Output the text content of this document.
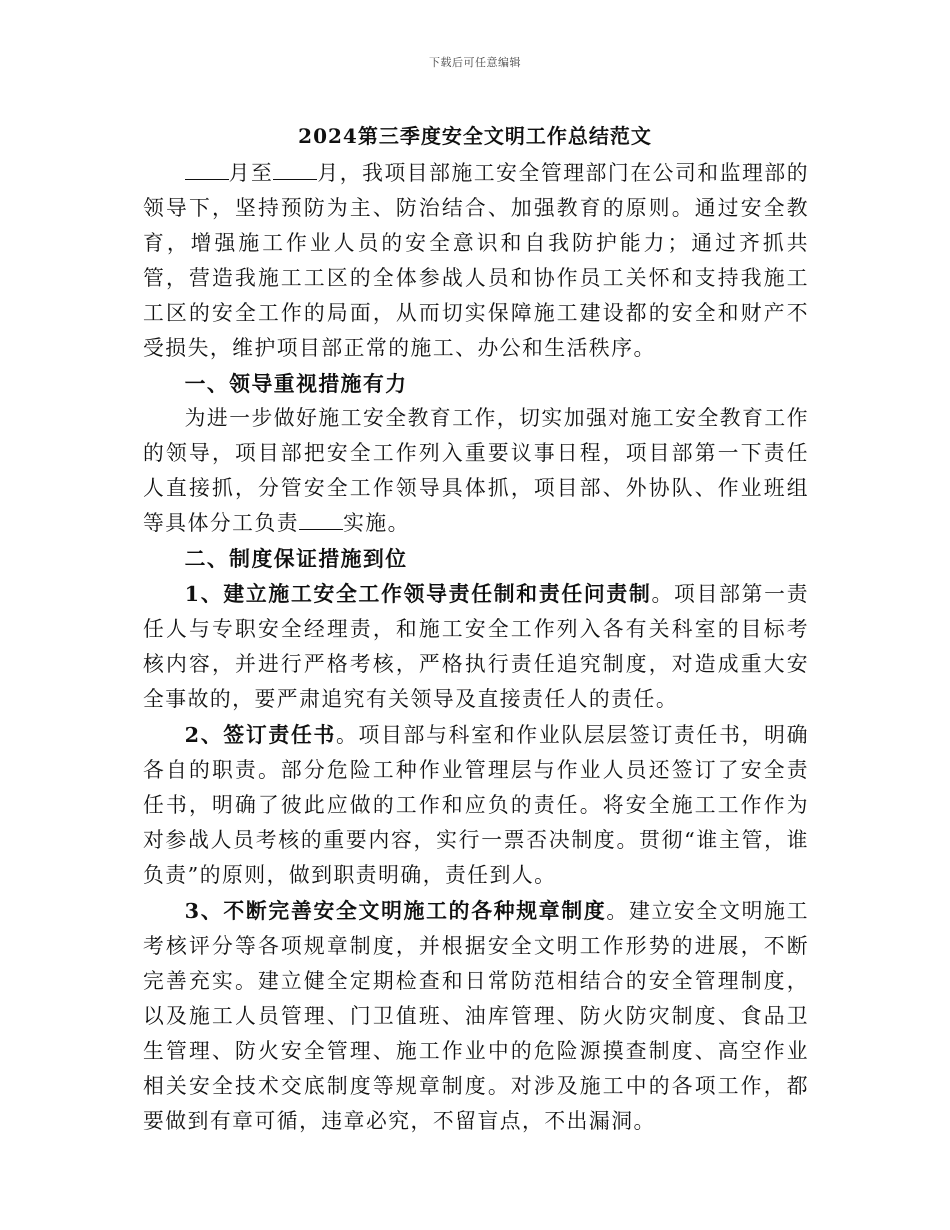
下载后可任意编辑
2024第三季度安全文明工作总结范文

月至 月，我项目部施工安全管理部门在公司和监理部的领导下，坚持预防为主、防治结合、加强教育的原则。通过安全教育，增强施工作业人员的安全意识和自我防护能力；通过齐抓共管，营造我施工工区的全体参战人员和协作员工关怀和支持我施工工区的安全工作的局面，从而切实保障施工建设都的安全和财产不受损失，维护项目部正常的施工、办公和生活秩序。

一、领导重视措施有力

为进一步做好施工安全教育工作，切实加强对施工安全教育工作的领导，项目部把安全工作列入重要议事日程，项目部第一下责任人直接抓，分管安全工作领导具体抓，项目部、外协队、作业班组等具体分工负责 实施。

二、制度保证措施到位

1、建立施工安全工作领导责任制和责任问责制。项目部第一责任人与专职安全经理责，和施工安全工作列入各有关科室的目标考核内容，并进行严格考核，严格执行责任追究制度，对造成重大安全事故的，要严肃追究有关领导及直接责任人的责任。

2、签订责任书。项目部与科室和作业队层层签订责任书，明确各自的职责。部分危险工种作业管理层与作业人员还签订了安全责任书，明确了彼此应做的工作和应负的责任。将安全施工工作作为对参战人员考核的重要内容，实行一票否决制度。贯彻“谁主管，谁负责”的原则，做到职责明确，责任到人。

3、不断完善安全文明施工的各种规章制度。建立安全文明施工考核评分等各项规章制度，并根据安全文明工作形势的进展，不断完善充实。建立健全定期检查和日常防范相结合的安全管理制度，以及施工人员管理、门卫值班、油库管理、防火防灾制度、食品卫生管理、防火安全管理、施工作业中的危险源摸查制度、高空作业相关安全技术交底制度等规章制度。对涉及施工中的各项工作，都要做到有章可循，违章必究，不留盲点，不出漏洞。
